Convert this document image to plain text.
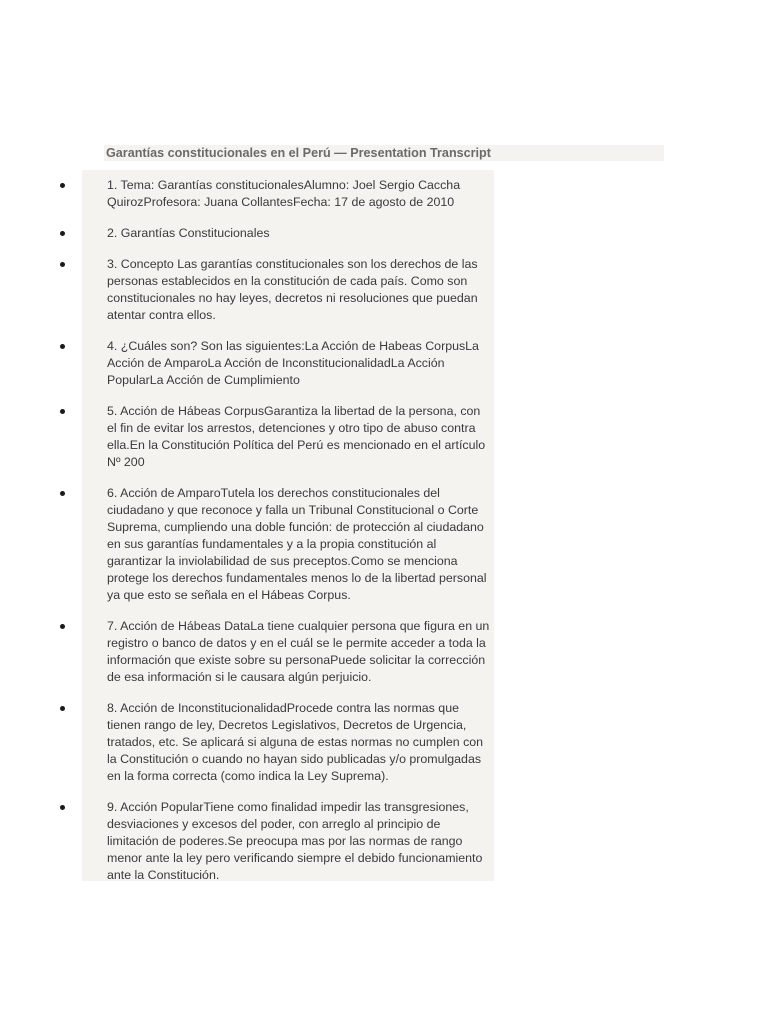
Garantías constitucionales en el Perú — Presentation Transcript
1. Tema: Garantías constitucionalesAlumno: Joel Sergio Caccha QuirozProfesora: Juana CollantesFecha: 17 de agosto de 2010
2. Garantías Constitucionales
3. Concepto Las garantías constitucionales son los derechos de las personas establecidos en la constitución de cada país. Como son constitucionales no hay leyes, decretos ni resoluciones que puedan atentar contra ellos.
4. ¿Cuáles son? Son las siguientes:La Acción de Habeas CorpusLa Acción de AmparoLa Acción de InconstitucionalidadLa Acción PopularLa Acción de Cumplimiento
5. Acción de Hábeas CorpusGarantiza la libertad de la persona, con el fin de evitar los arrestos, detenciones y otro tipo de abuso contra ella.En la Constitución Política del Perú es mencionado en el artículo Nº 200
6. Acción de AmparoTutela los derechos constitucionales del ciudadano y que reconoce y falla un Tribunal Constitucional o Corte Suprema, cumpliendo una doble función: de protección al ciudadano en sus garantías fundamentales y a la propia constitución al garantizar la inviolabilidad de sus preceptos.Como se menciona protege los derechos fundamentales menos lo de la libertad personal ya que esto se señala en el Hábeas Corpus.
7. Acción de Hábeas DataLa tiene cualquier persona que figura en un registro o banco de datos y en el cuál se le permite acceder a toda la información que existe sobre su personaPuede solicitar la corrección de esa información si le causara algún perjuicio.
8. Acción de InconstitucionalidadProcede contra las normas que tienen rango de ley, Decretos Legislativos, Decretos de Urgencia, tratados, etc. Se aplicará si alguna de estas normas no cumplen con la Constitución o cuando no hayan sido publicadas y/o promulgadas en la forma correcta (como indica la Ley Suprema).
9. Acción PopularTiene como finalidad impedir las transgresiones, desviaciones y excesos del poder, con arreglo al principio de limitación de poderes.Se preocupa mas por las normas de rango menor ante la ley pero verificando siempre el debido funcionamiento ante la Constitución.
